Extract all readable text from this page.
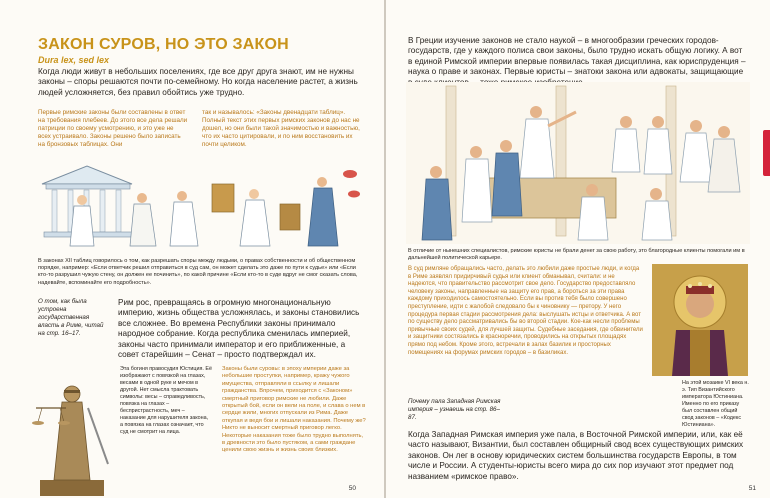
ЗАКОН СУРОВ, НО ЭТО ЗАКОН
Dura lex, sed lex
Когда люди живут в небольших поселениях, где все друг друга знают, им не нужны законы – споры решаются почти по-семейному. Но когда население растет, а жизнь людей усложняется, без правил обойтись уже трудно.
Первые римские законы были составлены в ответ на требования плебеев. До этого все дела решали патриции по своему усмотрению, и это уже не всех устраивало. Законы решено было записать на бронзовых таблицах. Они
так и называлось: «Законы двенадцати таблиц». Полный текст этих первых римских законов до нас не дошел, но они были такой значимостью и важностью, что их часто цитировали, и по ним восстановить их почти целиком.
В законах XII таблиц говорилось о том, как разрешать споры между людьми, о правах собственности и об общественном порядке, например: «Если ответчик решил отправиться в суд сам, он может сделать это даже по пути к судье» или «Если кто-то разрушил чужую стену, он должен ее починить», по какой причине «Если кто-то в суде вдруг не смог сказать слова, надевайте, вспоминайте его подробность».
О том, как была устроена государственная власть в Риме, читай на стр. 16–17.
Рим рос, превращаясь в огромную многонациональную империю, жизнь общества усложнялась, и законы становились все сложнее. Во времена Республики законы принимало народное собрание. Когда республика сменилась империей, законы часто принимали император и его приближенные, а совет старейшин – Сенат – просто подтверждал их.
Эта богиня правосудия Юстиция. Её изображают с повязкой на глазах, весами в одной руке и мечом в другой. Нет смысла трактовать символы: весы – справедливость, повязка на глазах – беспристрастность, меч – наказание для нарушителя закона, а повязка на глазах означает, что суд не смотрит на лица.
Законы были суровы: в эпоху империи даже за небольшие проступки, например, кражу чужого имущества, отправляли в ссылку и лишали гражданства. Впрочем, приходится с «Законом» смертный приговор римские не любили. Даже открытый бой, если он вели на поле, и слава о нем в сердце жили, многих отпускали из Рима. Даже откупая и ведя бои и лишали наказания. Почему же? Никто не выносит смертный приговор легко. Некоторые наказания тоже было трудно выполнять, в древности это было пустяком, а сами граждане ценили свою жизнь и жизнь своих близких.
50
В Греции изучение законов не стало наукой – в многообразии греческих городов-государств, где у каждого полиса свои законы, было трудно искать общую логику. А вот в единой Римской империи впервые появилась такая дисциплина, как юриспруденция – наука о праве и законах. Первые юристы – знатоки закона или адвокаты, защищающие
В отличие от нынешних специалистов, римские юристы не брали денег за свою работу, это благородные клиенты помогали им в дальнейшей политической карьере.
В суд римляне обращались часто, делать это любили даже простые люди, и когда в Риме заявлял придирчивый судья или клиент обманывал, считали: и не надеются, что правительство рассмотрит свое дело. Государство предоставляло человеку законы, направленные на защиту его прав, а бороться за эти права каждому приходилось самостоятельно. Если вы против тебя было совершено преступление, идти с жалобой следовало бы к чиновнику — претору. У него процедура первая стадии рассмотрения дела: выслушать истцы и ответчика. А вот по существу дело рассматривались бы во второй стадии. Кое-как несли проблемы привычные своих судей, для лучшей защиты. Судебные заседания, где обвинители и защитники состязались в красноречии, проводились на открытых площадях прямо под небом. Кроме этого, встречали в залах базилик и просторных помещениях на форумах римских городов – в базиликах.
На этой мозаике VI века н. э. Тип Византийского императора Юстиниана. Именно по его приказу был составлен общий свод законов – «Кодекс Юстиниана».
Почему пала Западная Римская империя – узнаешь на стр. 86–87.
Когда Западная Римская империя уже пала, в Восточной Римской империи, или, как её часто называют, Византии, был составлен общирный свод всех существующих римских законов. Он лег в основу юридических систем большинства государств Европы, в том числе и России. А студенты-юристы всего мира до сих пор изучают этот предмет под названием «римское право».
51
